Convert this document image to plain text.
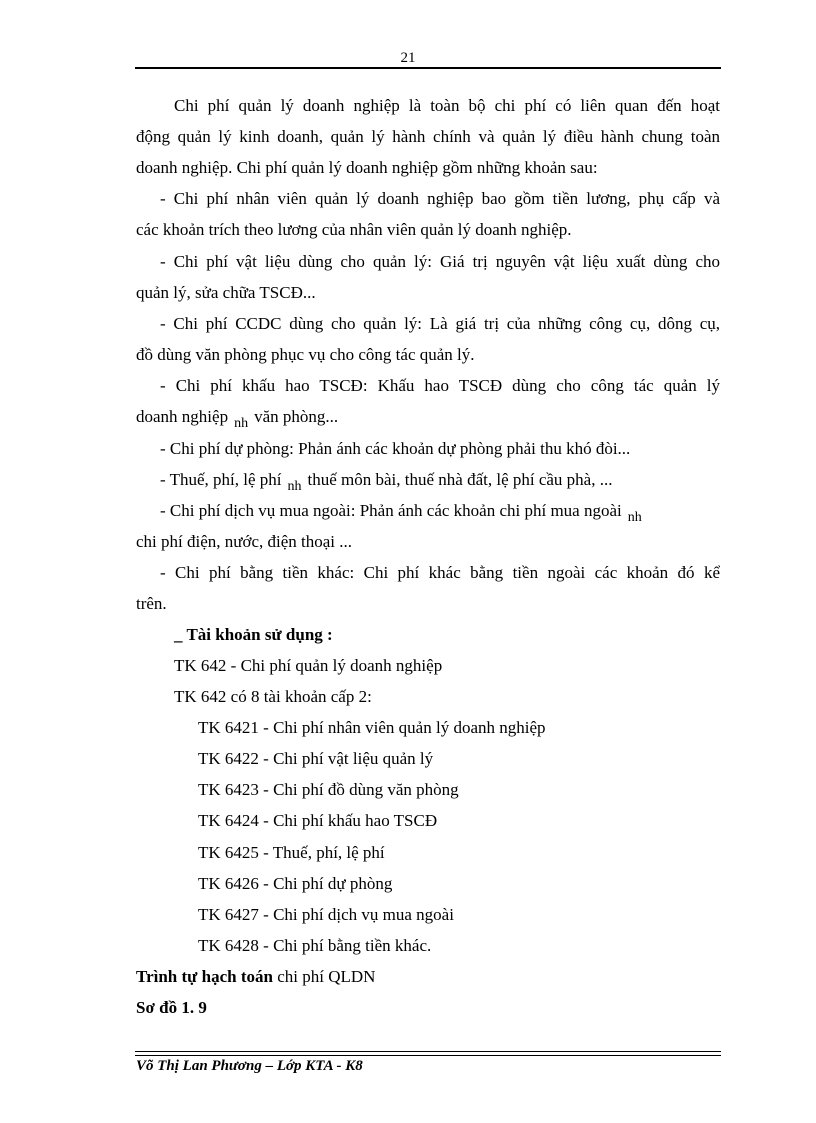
21
Chi phí quản lý doanh nghiệp là toàn bộ chi phí có liên quan đến hoạt
động quản lý kinh doanh, quản lý hành chính và quản lý điều hành chung toàn
doanh nghiệp. Chi phí quản lý doanh nghiệp gồm những khoản sau:
- Chi phí nhân viên quản lý doanh nghiệp bao gồm tiền lương, phụ cấp và
các khoản trích theo lương của nhân viên quản lý doanh nghiệp.
- Chi phí vật liệu dùng cho quản lý: Giá trị nguyên vật liệu xuất dùng cho
quản lý, sửa chữa TSCĐ...
- Chi phí CCDC dùng cho quản lý: Là giá trị của những công cụ, dông cụ,
đồ dùng văn phòng phục vụ cho công tác quản lý.
- Chi phí khấu hao TSCĐ: Khấu hao TSCĐ dùng cho công tác quản lý
doanh nghiệp $_{nh}$ văn phòng...
- Chi phí dự phòng: Phản ánh các khoản dự phòng phải thu khó đòi...
- Thuế, phí, lệ phí $_{nh}$ thuế môn bài, thuế nhà đất, lệ phí cầu phà, ...
- Chi phí dịch vụ mua ngoài: Phản ánh các khoản chi phí mua ngoài $_{nh}$
chi phí điện, nước, điện thoại ...
- Chi phí bằng tiền khác: Chi phí khác bằng tiền ngoài các khoản đó kể
trên.
_ Tài khoản sử dụng :
TK 642 - Chi phí quản lý doanh nghiệp
TK 642 có 8 tài khoản cấp 2:
TK 6421 - Chi phí nhân viên quản lý doanh nghiệp
TK 6422 - Chi phí vật liệu quản lý
TK 6423 - Chi phí đồ dùng văn phòng
TK 6424 - Chi phí khấu hao TSCĐ
TK 6425 - Thuế, phí, lệ phí
TK 6426 - Chi phí dự phòng
TK 6427 - Chi phí dịch vụ mua ngoài
TK 6428 - Chi phí bằng tiền khác.
Trình tự hạch toán chi phí QLDN
Sơ đồ 1. 9
Võ Thị Lan Phương – Lớp KTA - K8
